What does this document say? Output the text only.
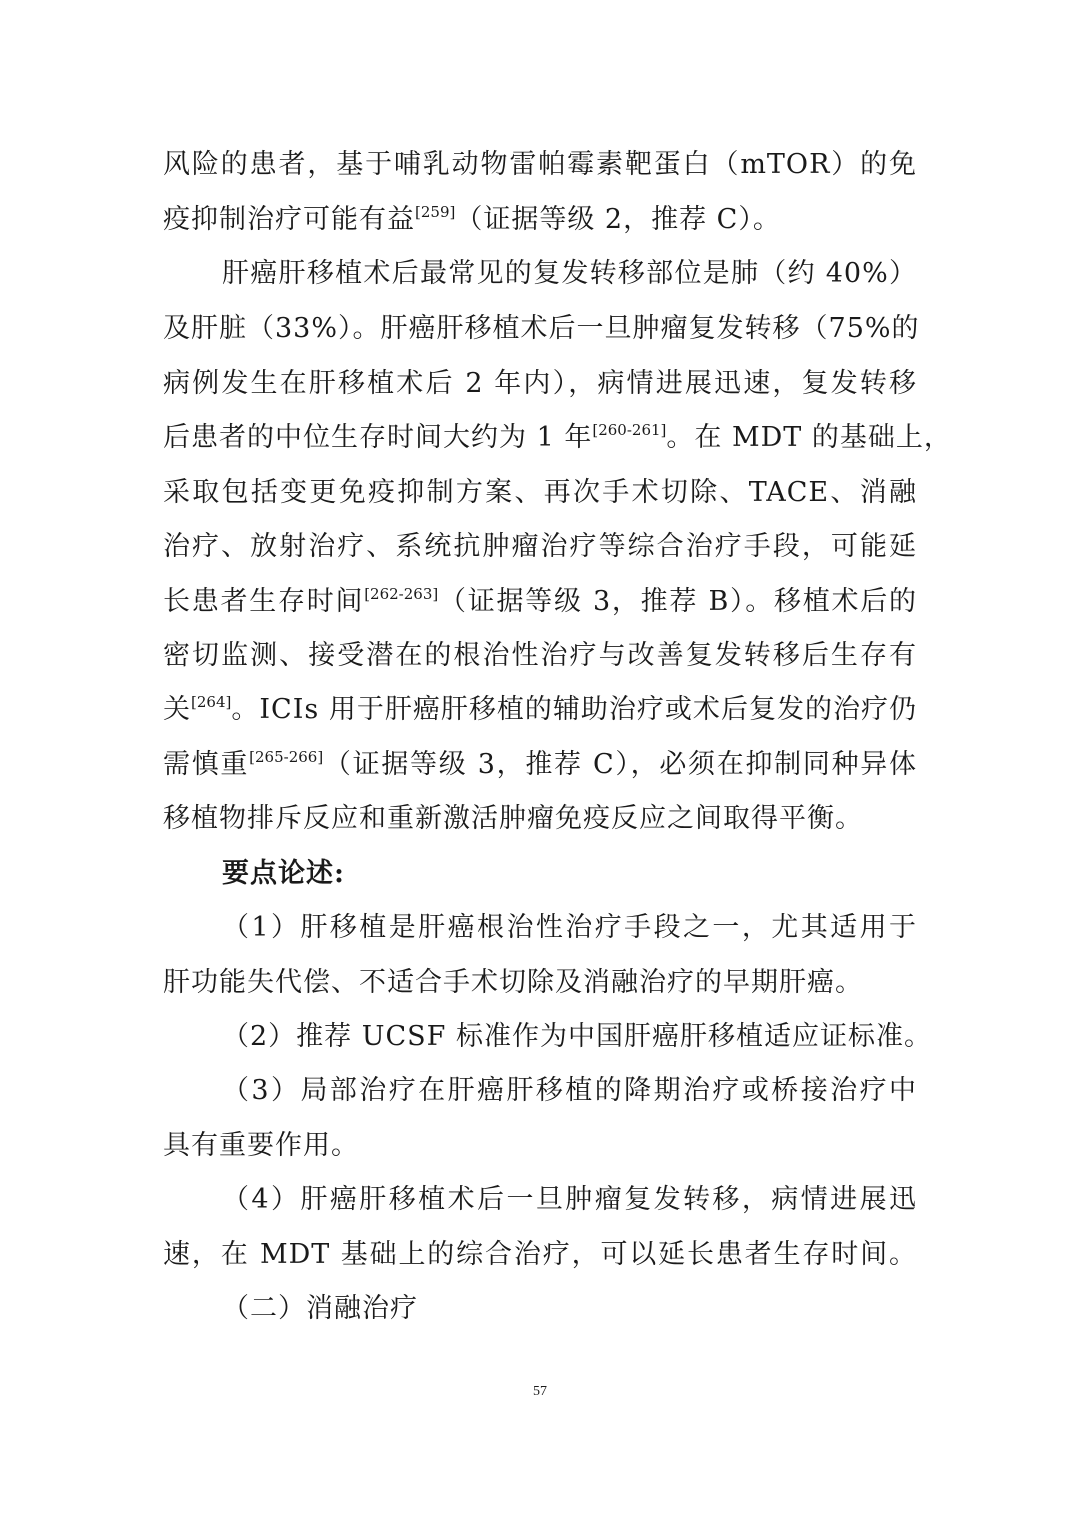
风险的患者，基于哺乳动物雷帕霉素靶蛋白（mTOR）的免
疫抑制治疗可能有益[259]（证据等级 2，推荐 C）。
肝癌肝移植术后最常见的复发转移部位是肺（约 40%）
及肝脏（33%）。肝癌肝移植术后一旦肿瘤复发转移（75%的
病例发生在肝移植术后 2 年内），病情进展迅速，复发转移
后患者的中位生存时间大约为 1 年[260-261]。在 MDT 的基础上，
采取包括变更免疫抑制方案、再次手术切除、TACE、消融
治疗、放射治疗、系统抗肿瘤治疗等综合治疗手段，可能延
长患者生存时间[262-263]（证据等级 3，推荐 B）。移植术后的
密切监测、接受潜在的根治性治疗与改善复发转移后生存有
关[264]。ICIs 用于肝癌肝移植的辅助治疗或术后复发的治疗仍
需慎重[265-266]（证据等级 3，推荐 C），必须在抑制同种异体
移植物排斥反应和重新激活肿瘤免疫反应之间取得平衡。
要点论述:
（1）肝移植是肝癌根治性治疗手段之一，尤其适用于
肝功能失代偿、不适合手术切除及消融治疗的早期肝癌。
（2）推荐 UCSF 标准作为中国肝癌肝移植适应证标准。
（3）局部治疗在肝癌肝移植的降期治疗或桥接治疗中
具有重要作用。
（4）肝癌肝移植术后一旦肿瘤复发转移，病情进展迅
速，在 MDT 基础上的综合治疗，可以延长患者生存时间。
（二）消融治疗
57
